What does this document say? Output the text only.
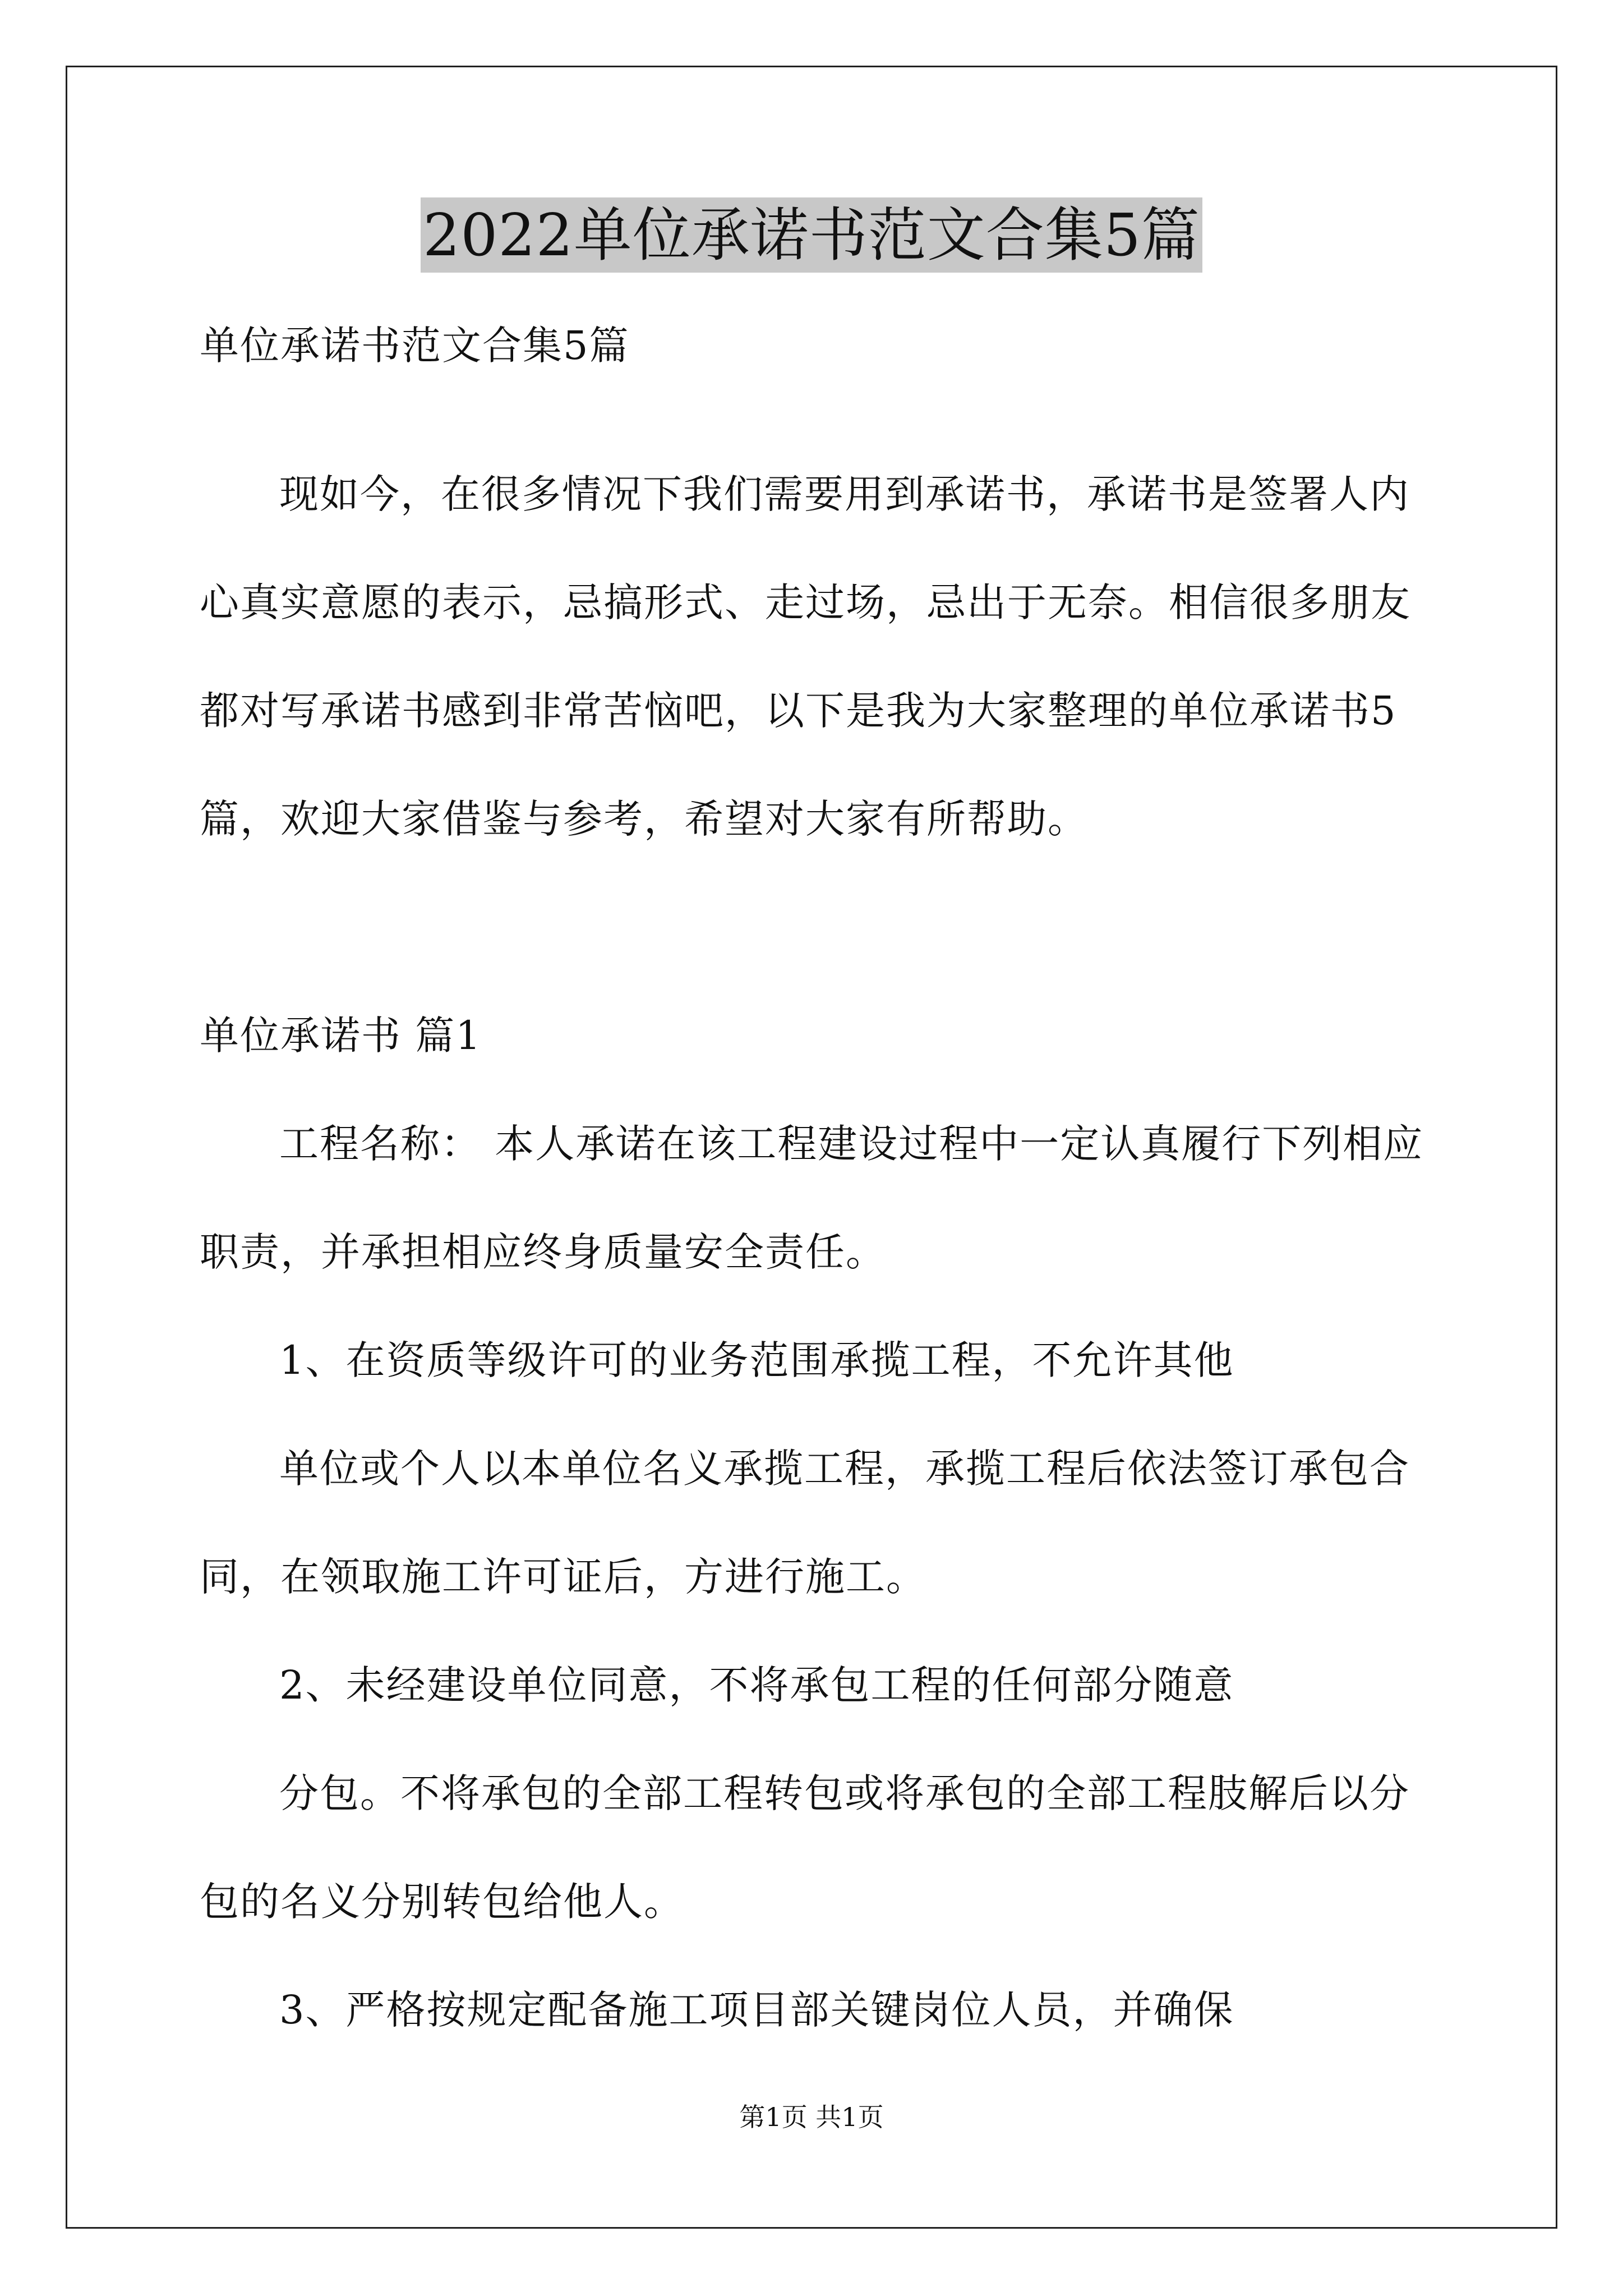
2022单位承诺书范文合集5篇
单位承诺书范文合集5篇
现如今，在很多情况下我们需要用到承诺书，承诺书是签署人内
心真实意愿的表示，忌搞形式、走过场，忌出于无奈。相信很多朋友
都对写承诺书感到非常苦恼吧，以下是我为大家整理的单位承诺书5
篇，欢迎大家借鉴与参考，希望对大家有所帮助。
单位承诺书 篇1
工程名称： 本人承诺在该工程建设过程中一定认真履行下列相应
职责，并承担相应终身质量安全责任。
1、在资质等级许可的业务范围承揽工程，不允许其他
单位或个人以本单位名义承揽工程，承揽工程后依法签订承包合
同，在领取施工许可证后，方进行施工。
2、未经建设单位同意，不将承包工程的任何部分随意
分包。不将承包的全部工程转包或将承包的全部工程肢解后以分
包的名义分别转包给他人。
3、严格按规定配备施工项目部关键岗位人员，并确保
第1页 共1页
